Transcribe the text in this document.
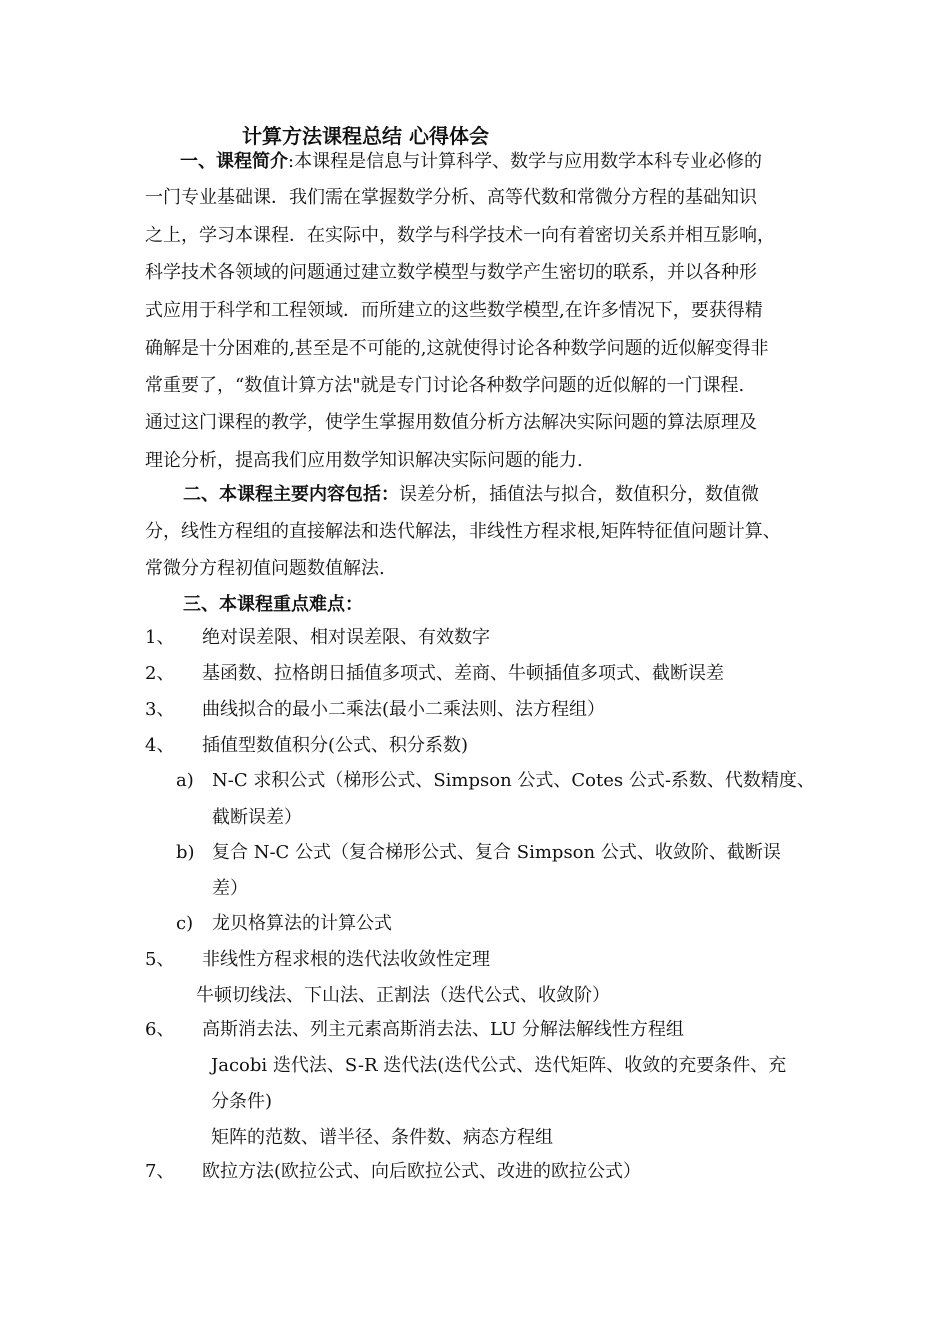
计算方法课程总结 心得体会
一、课程简介:本课程是信息与计算科学、数学与应用数学本科专业必修的
一门专业基础课．我们需在掌握数学分析、高等代数和常微分方程的基础知识
之上，学习本课程．在实际中，数学与科学技术一向有着密切关系并相互影响，
科学技术各领域的问题通过建立数学模型与数学产生密切的联系，并以各种形
式应用于科学和工程领域．而所建立的这些数学模型,在许多情况下，要获得精
确解是十分困难的,甚至是不可能的,这就使得讨论各种数学问题的近似解变得非
常重要了，“数值计算方法"就是专门讨论各种数学问题的近似解的一门课程.
通过这门课程的教学，使学生掌握用数值分析方法解决实际问题的算法原理及
理论分析，提高我们应用数学知识解决实际问题的能力.
二、本课程主要内容包括：误差分析，插值法与拟合，数值积分，数值微
分，线性方程组的直接解法和迭代解法，非线性方程求根,矩阵特征值问题计算、
常微分方程初值问题数值解法.
三、本课程重点难点：
1、 绝对误差限、相对误差限、有效数字
2、 基函数、拉格朗日插值多项式、差商、牛顿插值多项式、截断误差
3、 曲线拟合的最小二乘法(最小二乘法则、法方程组）
4、 插值型数值积分(公式、积分系数)
a) N-C 求积公式（梯形公式、Simpson 公式、Cotes 公式-系数、代数精度、
截断误差）
b) 复合 N-C 公式（复合梯形公式、复合 Simpson 公式、收敛阶、截断误
差）
c) 龙贝格算法的计算公式
5、 非线性方程求根的迭代法收敛性定理
牛顿切线法、下山法、正割法（迭代公式、收敛阶）
6、 高斯消去法、列主元素高斯消去法、LU 分解法解线性方程组
Jacobi 迭代法、S-R 迭代法(迭代公式、迭代矩阵、收敛的充要条件、充
分条件)
矩阵的范数、谱半径、条件数、病态方程组
7、 欧拉方法(欧拉公式、向后欧拉公式、改进的欧拉公式）
